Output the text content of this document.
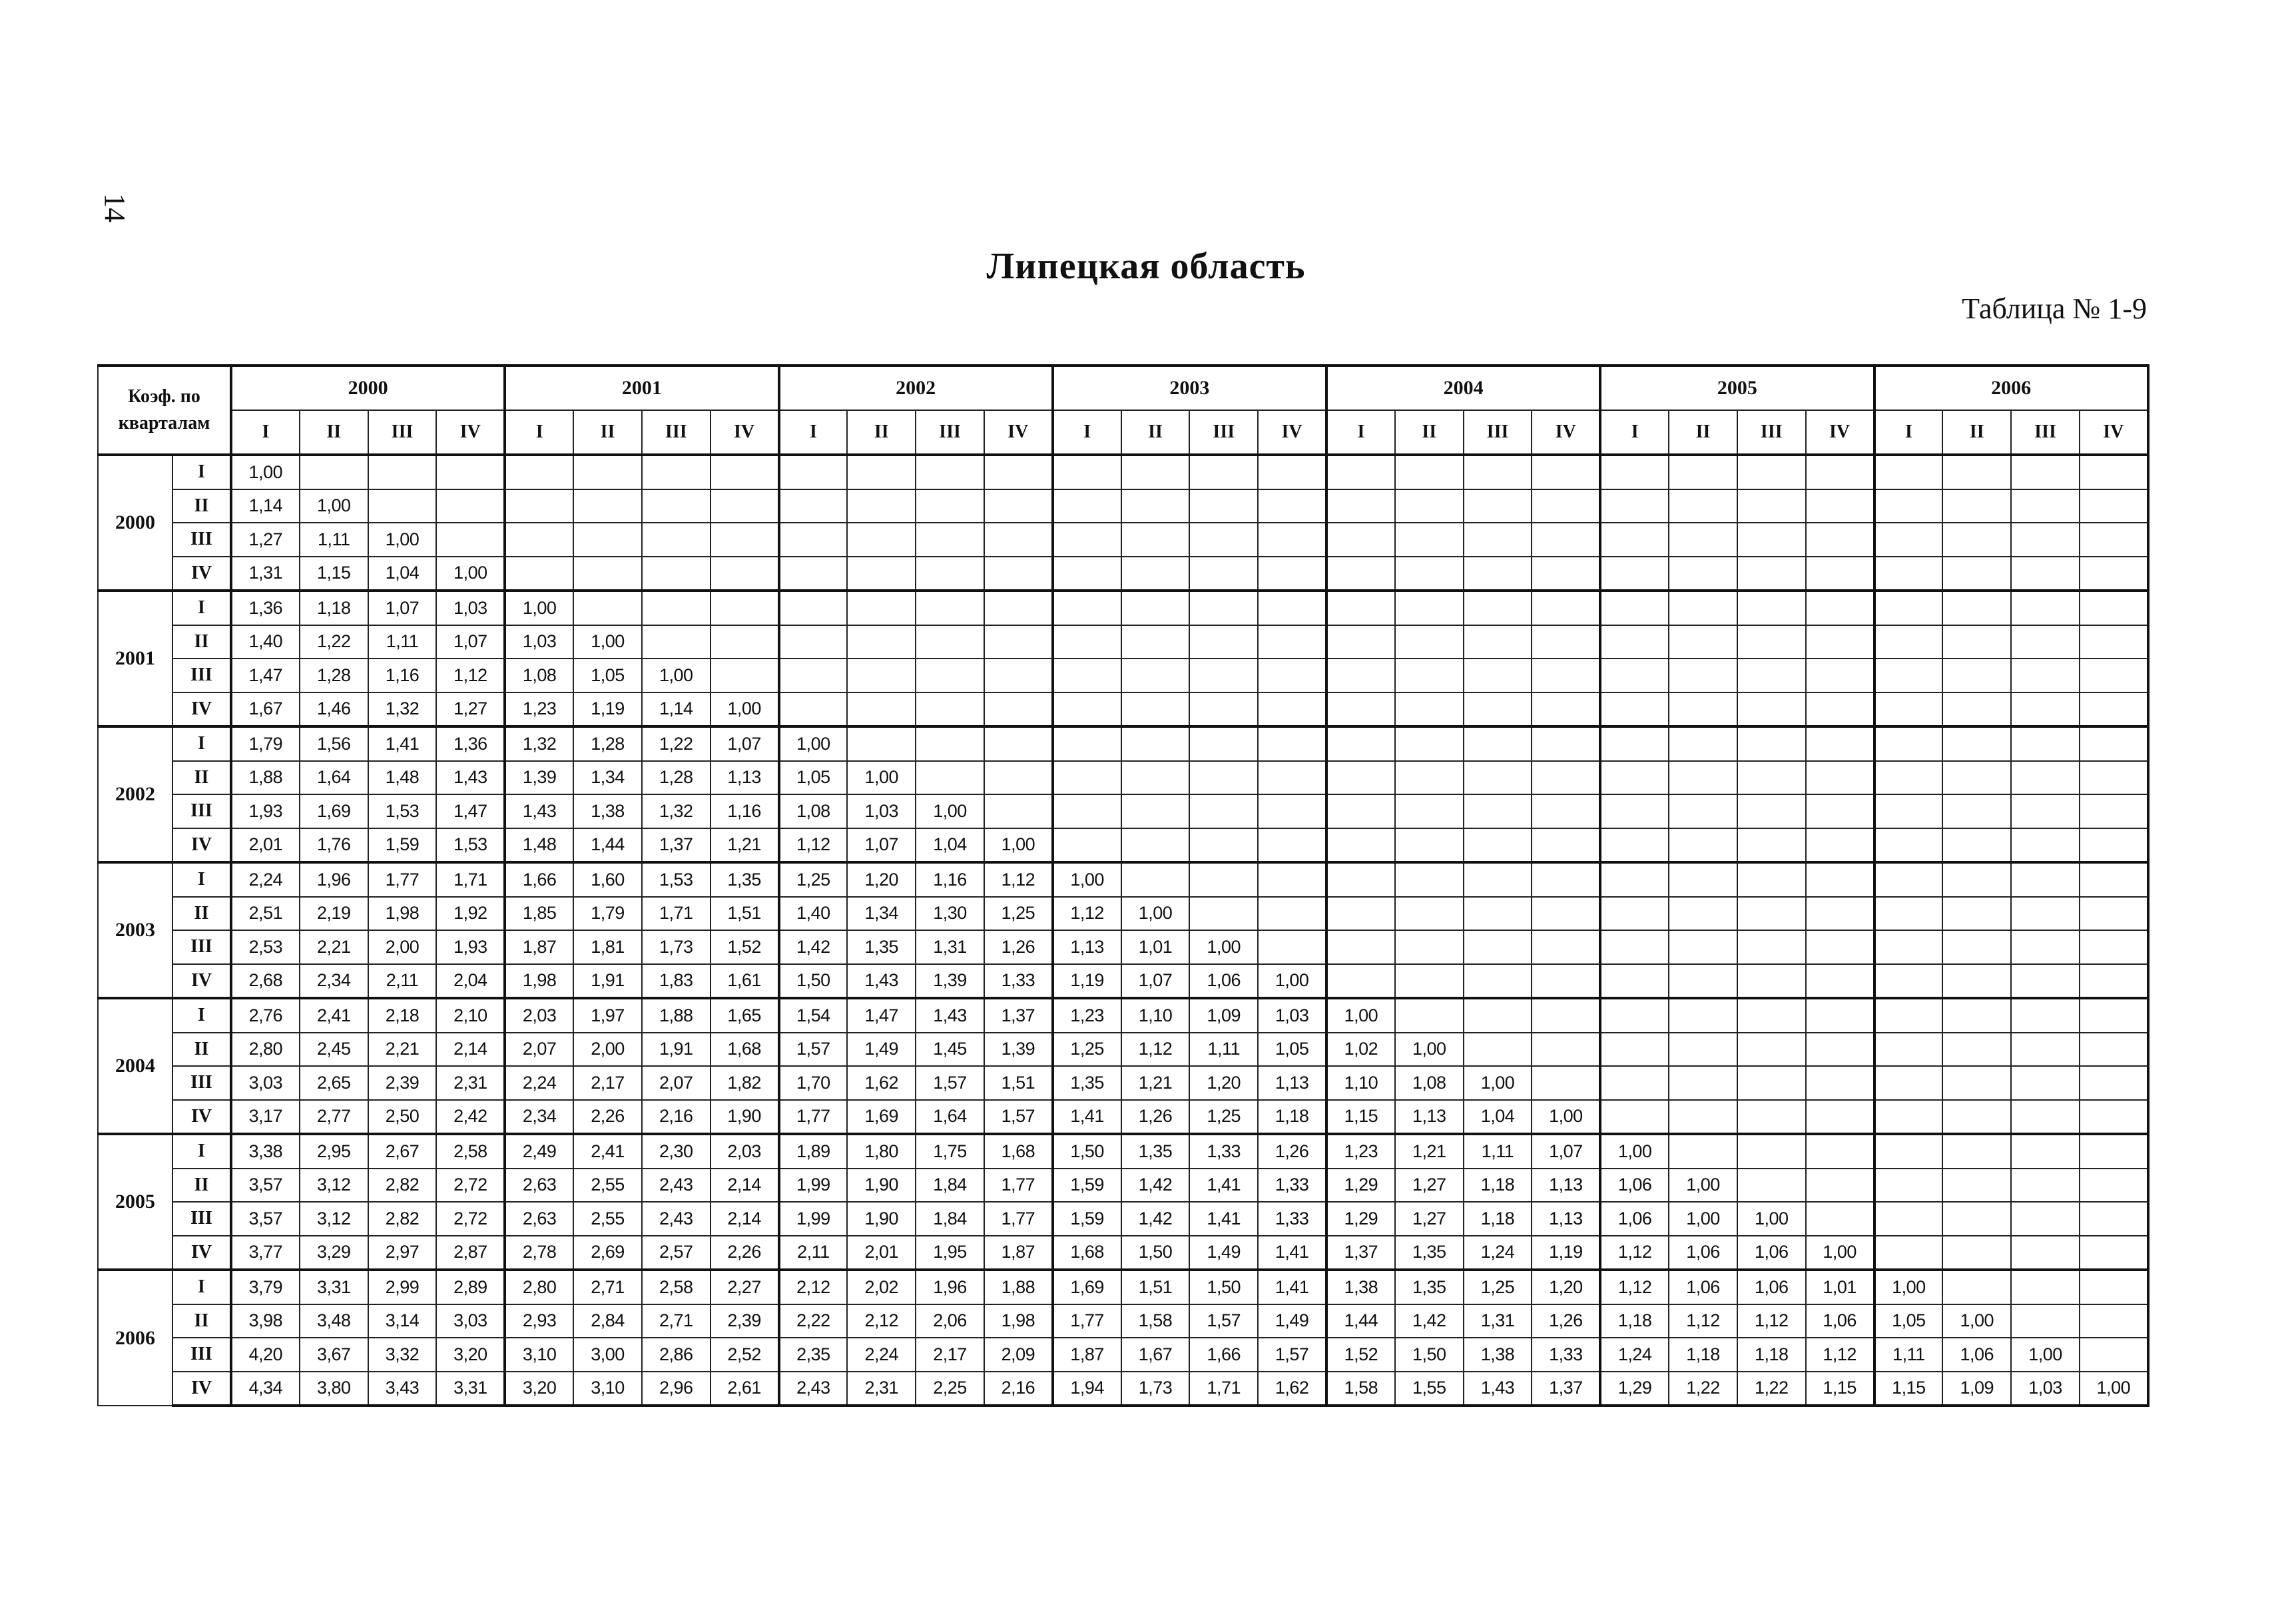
14
Липецкая область
Таблица № 1-9
Коэф. по кварталам		2000				2001				2002				2003				2004				2005				2006			
		I	II	III	IV	I	II	III	IV	I	II	III	IV	I	II	III	IV	I	II	III	IV	I	II	III	IV	I	II	III	IV
2000	I	1,00																											
	II	1,14	1,00																										
	III	1,27	1,11	1,00																									
	IV	1,31	1,15	1,04	1,00																								
2001	I	1,36	1,18	1,07	1,03	1,00																							
	II	1,40	1,22	1,11	1,07	1,03	1,00																						
	III	1,47	1,28	1,16	1,12	1,08	1,05	1,00																					
	IV	1,67	1,46	1,32	1,27	1,23	1,19	1,14	1,00																				
2002	I	1,79	1,56	1,41	1,36	1,32	1,28	1,22	1,07	1,00																			
	II	1,88	1,64	1,48	1,43	1,39	1,34	1,28	1,13	1,05	1,00																		
	III	1,93	1,69	1,53	1,47	1,43	1,38	1,32	1,16	1,08	1,03	1,00																	
	IV	2,01	1,76	1,59	1,53	1,48	1,44	1,37	1,21	1,12	1,07	1,04	1,00																
2003	I	2,24	1,96	1,77	1,71	1,66	1,60	1,53	1,35	1,25	1,20	1,16	1,12	1,00															
	II	2,51	2,19	1,98	1,92	1,85	1,79	1,71	1,51	1,40	1,34	1,30	1,25	1,12	1,00														
	III	2,53	2,21	2,00	1,93	1,87	1,81	1,73	1,52	1,42	1,35	1,31	1,26	1,13	1,01	1,00													
	IV	2,68	2,34	2,11	2,04	1,98	1,91	1,83	1,61	1,50	1,43	1,39	1,33	1,19	1,07	1,06	1,00												
2004	I	2,76	2,41	2,18	2,10	2,03	1,97	1,88	1,65	1,54	1,47	1,43	1,37	1,23	1,10	1,09	1,03	1,00											
	II	2,80	2,45	2,21	2,14	2,07	2,00	1,91	1,68	1,57	1,49	1,45	1,39	1,25	1,12	1,11	1,05	1,02	1,00										
	III	3,03	2,65	2,39	2,31	2,24	2,17	2,07	1,82	1,70	1,62	1,57	1,51	1,35	1,21	1,20	1,13	1,10	1,08	1,00									
	IV	3,17	2,77	2,50	2,42	2,34	2,26	2,16	1,90	1,77	1,69	1,64	1,57	1,41	1,26	1,25	1,18	1,15	1,13	1,04	1,00								
2005	I	3,38	2,95	2,67	2,58	2,49	2,41	2,30	2,03	1,89	1,80	1,75	1,68	1,50	1,35	1,33	1,26	1,23	1,21	1,11	1,07	1,00							
	II	3,57	3,12	2,82	2,72	2,63	2,55	2,43	2,14	1,99	1,90	1,84	1,77	1,59	1,42	1,41	1,33	1,29	1,27	1,18	1,13	1,06	1,00						
	III	3,57	3,12	2,82	2,72	2,63	2,55	2,43	2,14	1,99	1,90	1,84	1,77	1,59	1,42	1,41	1,33	1,29	1,27	1,18	1,13	1,06	1,00	1,00					
	IV	3,77	3,29	2,97	2,87	2,78	2,69	2,57	2,26	2,11	2,01	1,95	1,87	1,68	1,50	1,49	1,41	1,37	1,35	1,24	1,19	1,12	1,06	1,06	1,00				
2006	I	3,79	3,31	2,99	2,89	2,80	2,71	2,58	2,27	2,12	2,02	1,96	1,88	1,69	1,51	1,50	1,41	1,38	1,35	1,25	1,20	1,12	1,06	1,06	1,01	1,00			
	II	3,98	3,48	3,14	3,03	2,93	2,84	2,71	2,39	2,22	2,12	2,06	1,98	1,77	1,58	1,57	1,49	1,44	1,42	1,31	1,26	1,18	1,12	1,12	1,06	1,05	1,00		
	III	4,20	3,67	3,32	3,20	3,10	3,00	2,86	2,52	2,35	2,24	2,17	2,09	1,87	1,67	1,66	1,57	1,52	1,50	1,38	1,33	1,24	1,18	1,18	1,12	1,11	1,06	1,00	
	IV	4,34	3,80	3,43	3,31	3,20	3,10	2,96	2,61	2,43	2,31	2,25	2,16	1,94	1,73	1,71	1,62	1,58	1,55	1,43	1,37	1,29	1,22	1,22	1,15	1,15	1,09	1,03	1,00
